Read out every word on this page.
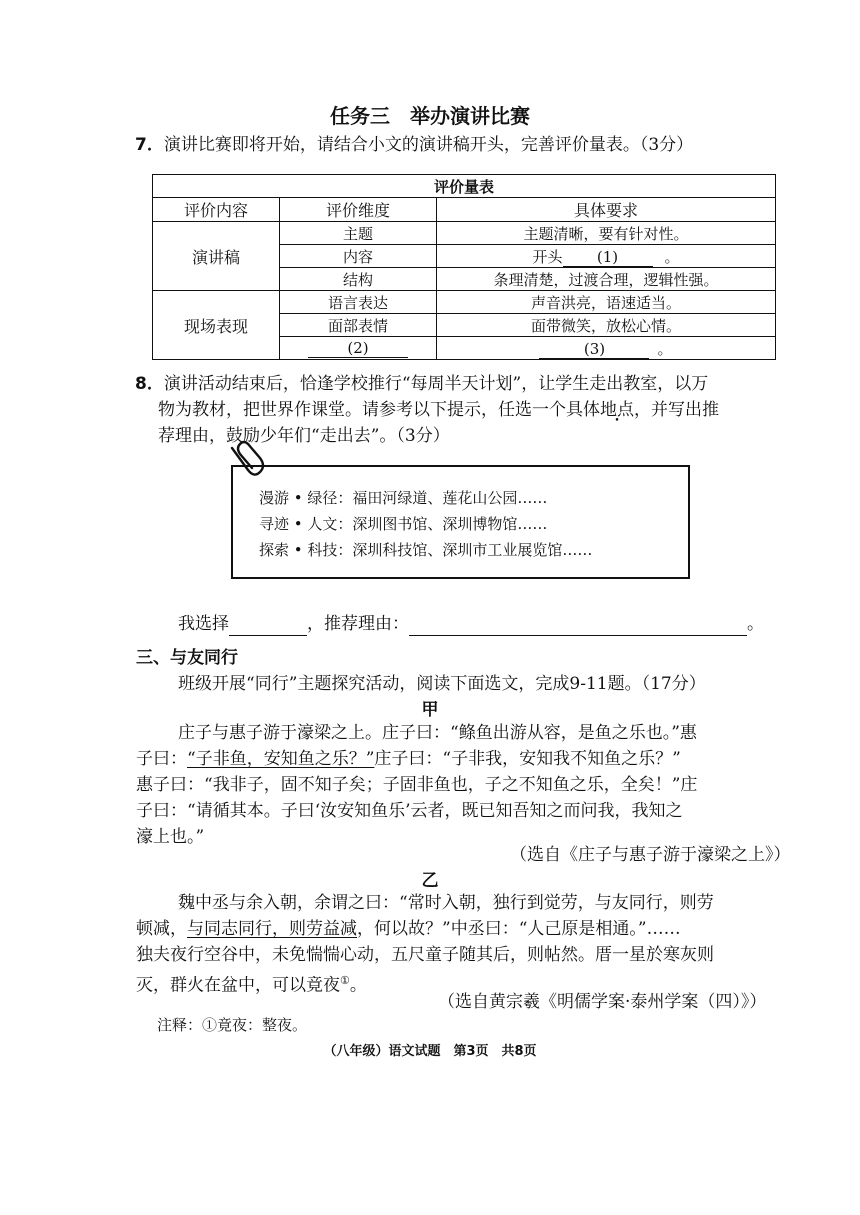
任务三　举办演讲比赛
7．演讲比赛即将开始，请结合小文的演讲稿开头，完善评价量表。（3分）
评价量表		
评价内容	评价维度	具体要求
演讲稿	主题	主题清晰，要有针对性。
	内容	开头 (1) 。
	结构	条理清楚，过渡合理，逻辑性强。
现场表现	语言表达	声音洪亮，语速适当。
	面部表情	面带微笑，放松心情。
	(2)	(3) 。
8．演讲活动结束后，恰逢学校推行“每周半天计划”，让学生走出教室，以万
物为教材，把世界作课堂。请参考以下提示，任选一个具体地点，并写出推
荐理由，鼓励少年们“走出去”。（3分）
漫游 • 绿径：福田河绿道、莲花山公园……
寻迹 • 人文：深圳图书馆、深圳博物馆……
探索 • 科技：深圳科技馆、深圳市工业展览馆……
我选择	，推荐理由：	。
三、与友同行
班级开展“同行”主题探究活动，阅读下面选文，完成9-11题。（17分）
甲
庄子与惠子游于濠梁之上。庄子曰：“鲦鱼出游从容，是鱼之乐也。”惠
子曰：“子非鱼，安知鱼之乐？”庄子曰：“子非我，安知我不知鱼之乐？”
惠子曰：“我非子，固不知子矣；子固非鱼也，子之不知鱼之乐，全矣！”庄
子曰：“请循其本。子曰‘汝安知鱼乐’云者，既已知吾知之而问我，我知之
濠上也。”
（选自《庄子与惠子游于濠梁之上》）
乙
魏中丞与余入朝，余谓之曰：“常时入朝，独行到觉劳，与友同行，则劳
顿减，与同志同行，则劳益减，何以故？”中丞曰：“人己原是相通。”……
独夫夜行空谷中，未免惴惴心动，五尺童子随其后，则帖然。厝一星於寒灰则
灭，群火在盆中，可以竟夜①。
（选自黄宗羲《明儒学案·泰州学案（四）》）
注释：①竟夜：整夜。
（八年级）语文试题　第3页　共8页
